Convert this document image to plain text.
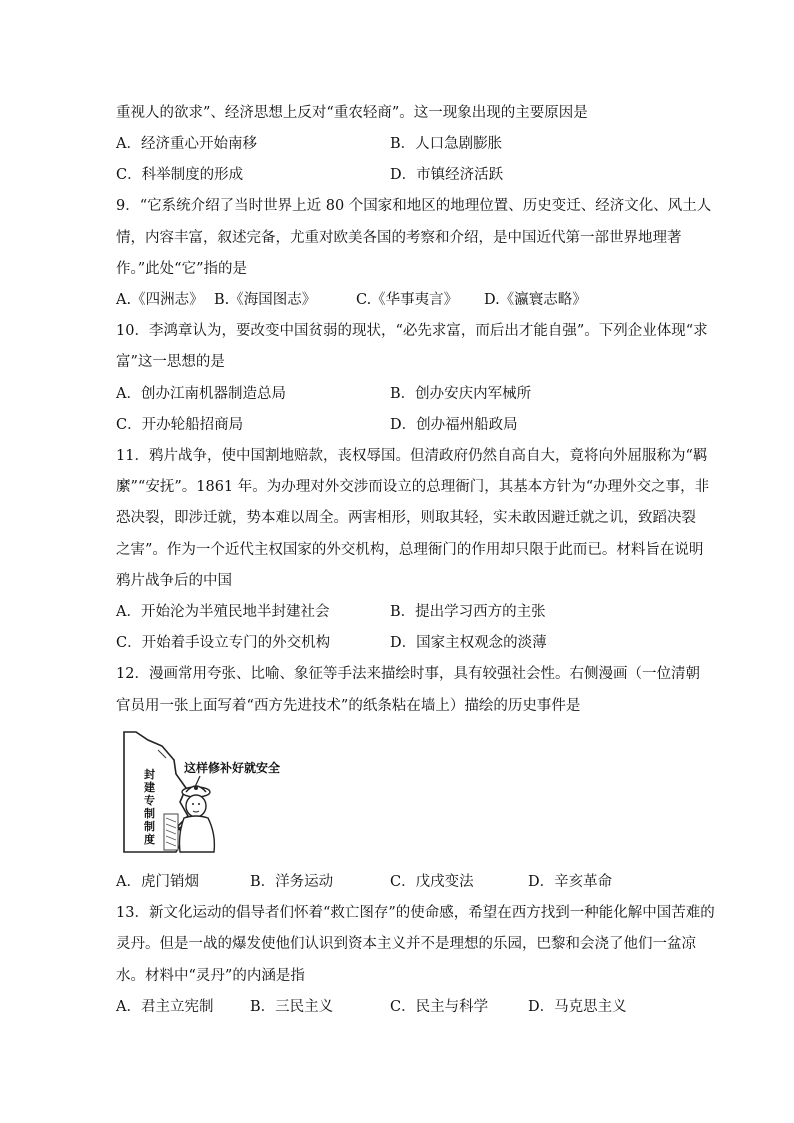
重视人的欲求”、经济思想上反对“重农轻商”。这一现象出现的主要原因是
A．经济重心开始南移	B．人口急剧膨胀
C．科举制度的形成	D．市镇经济活跃
9．“它系统介绍了当时世界上近 80 个国家和地区的地理位置、历史变迁、经济文化、风土人
情，内容丰富，叙述完备，尤重对欧美各国的考察和介绍，是中国近代第一部世界地理著
作。”此处“它”指的是
A.《四洲志》 B.《海国图志》	C.《华事夷言》 D.《瀛寰志略》
10．李鸿章认为，要改变中国贫弱的现状，“必先求富，而后出才能自强”。下列企业体现“求
富”这一思想的是
A．创办江南机器制造总局	B．创办安庆内军械所
C．开办轮船招商局	D．创办福州船政局
11．鸦片战争，使中国割地赔款，丧权辱国。但清政府仍然自高自大，竟将向外屈服称为“羁
縻”“安抚”。1861 年。为办理对外交涉而设立的总理衙门，其基本方针为“办理外交之事，非
恐决裂，即涉迁就，势本难以周全。两害相形，则取其轻，实未敢因避迁就之讥，致蹈决裂
之害”。作为一个近代主权国家的外交机构，总理衙门的作用却只限于此而已。材料旨在说明
鸦片战争后的中国
A．开始沦为半殖民地半封建社会	B．提出学习西方的主张
C．开始着手设立专门的外交机构	D．国家主权观念的淡薄
12．漫画常用夸张、比喻、象征等手法来描绘时事，具有较强社会性。右侧漫画（一位清朝
官员用一张上面写着“西方先进技术”的纸条粘在墙上）描绘的历史事件是
这样修补好就安全
封
建
专
制
制
度
A．虎门销烟	B．洋务运动	C．戊戌变法	D．辛亥革命
13．新文化运动的倡导者们怀着“救亡图存”的使命感，希望在西方找到一种能化解中国苦难的
灵丹。但是一战的爆发使他们认识到资本主义并不是理想的乐园，巴黎和会浇了他们一盆凉
水。材料中“灵丹”的内涵是指
A．君主立宪制	B．三民主义	C．民主与科学	D．马克思主义
